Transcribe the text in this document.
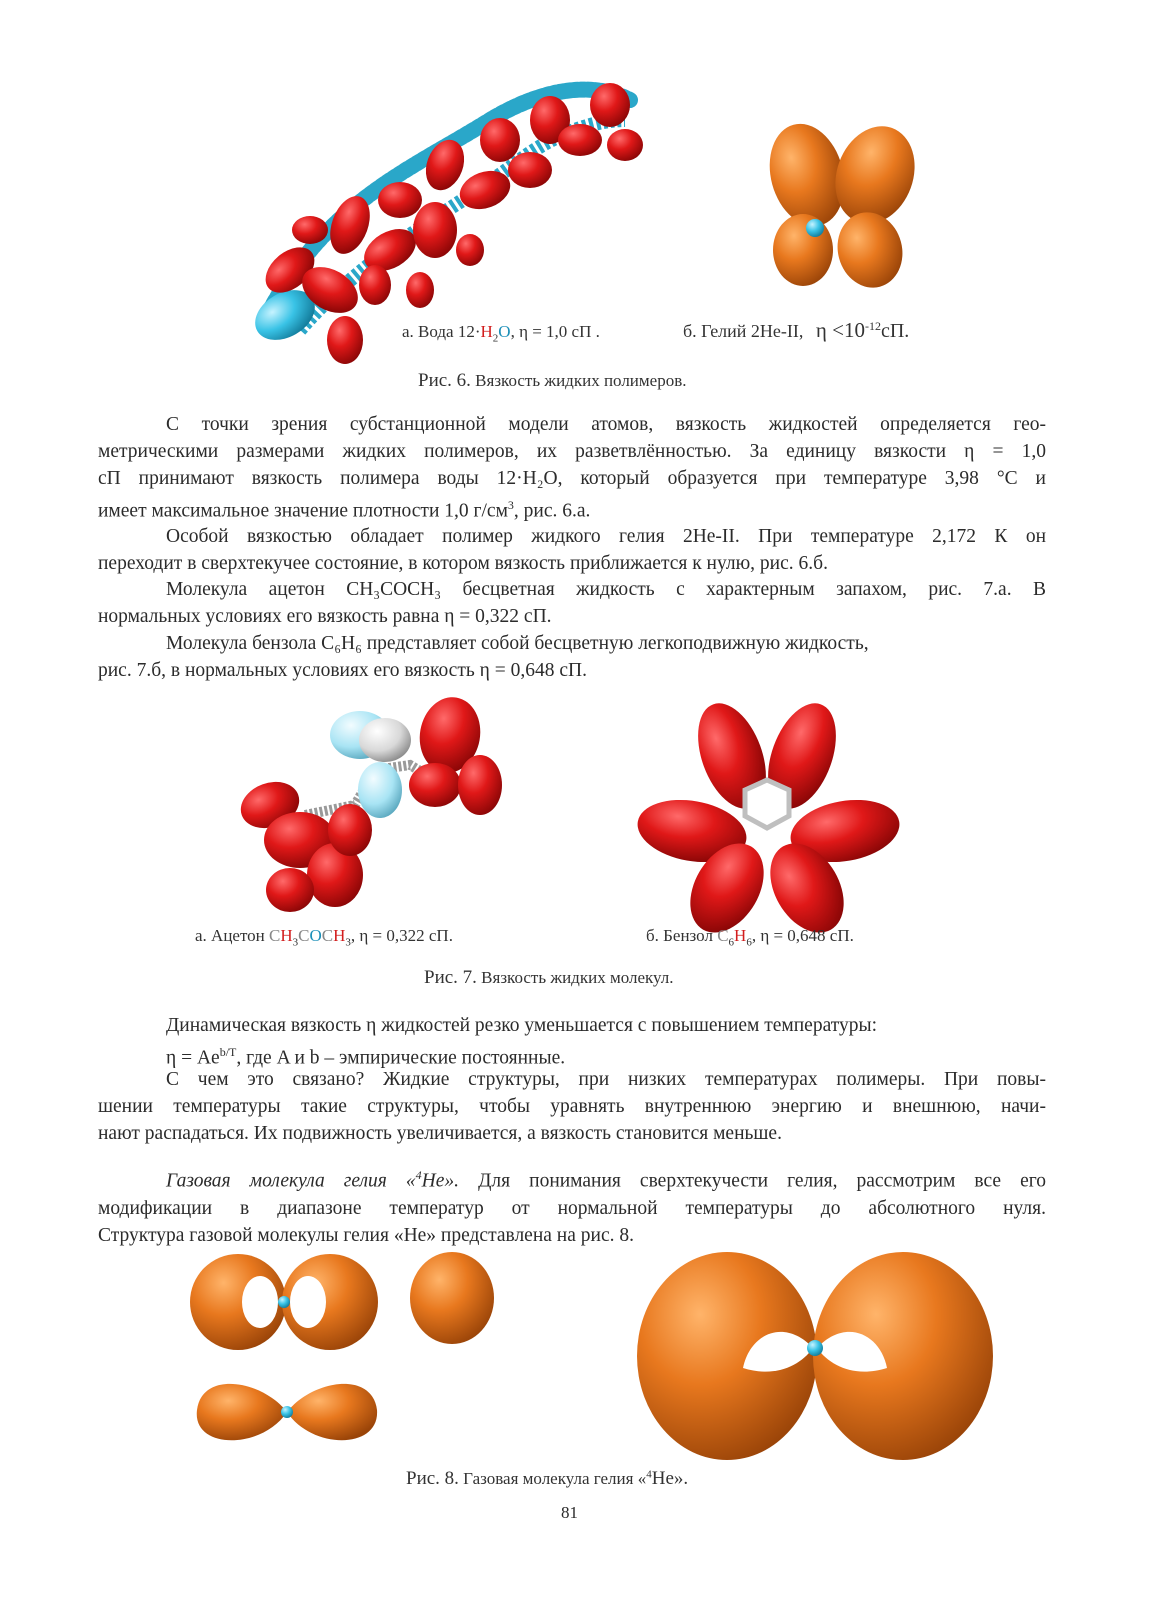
а. Вода $12\cdot H_2O$, η = 1,0 сП .	б. Гелий 2He-II, $\eta <10^{-12}сП$.
Рис. 6. Вязкость жидких полимеров.
С точки зрения субстанционной модели атомов, вязкость жидкостей определяется гео-
метрическими размерами жидких полимеров, их разветвлённостью. За единицу вязкости η = 1,0
сП принимают вязкость полимера воды 12·H₂O, который образуется при температуре 3,98 °С и
имеет максимальное значение плотности 1,0 $г/см^3$, рис. 6.а.
Особой вязкостью обладает полимер жидкого гелия 2He-II. При температуре 2,172 К он
переходит в сверхтекучее состояние, в котором вязкость приближается к нулю, рис. 6.б.
Молекула ацетон CH₃COCH₃ бесцветная жидкость с характерным запахом, рис. 7.а. В
нормальных условиях его вязкость равна η = 0,322 сП.
Молекула бензола C₆H₆ представляет собой бесцветную легкоподвижную жидкость,
рис. 7.б, в нормальных условиях его вязкость η = 0,648 сП.
а. Ацетон $CH_3COCH_3$, η = 0,322 сП.	б. Бензол $C_6H_6$, η = 0,648 сП.
Рис. 7. Вязкость жидких молекул.
Динамическая вязкость η жидкостей резко уменьшается с повышением температуры:
$\eta = Ae^{b/T}$, где A и b – эмпирические постоянные.
С чем это связано? Жидкие структуры, при низких температурах полимеры. При повы-
шении температуры такие структуры, чтобы уравнять внутреннюю энергию и внешнюю, начи-
нают распадаться. Их подвижность увеличивается, а вязкость становится меньше.
Газовая молекула гелия «$^4$He». Для понимания сверхтекучести гелия, рассмотрим все его
модификации в диапазоне температур от нормальной температуры до абсолютного нуля.
Структура газовой молекулы гелия «He» представлена на рис. 8.
Рис. 8. Газовая молекула гелия «$^4$He».
81
